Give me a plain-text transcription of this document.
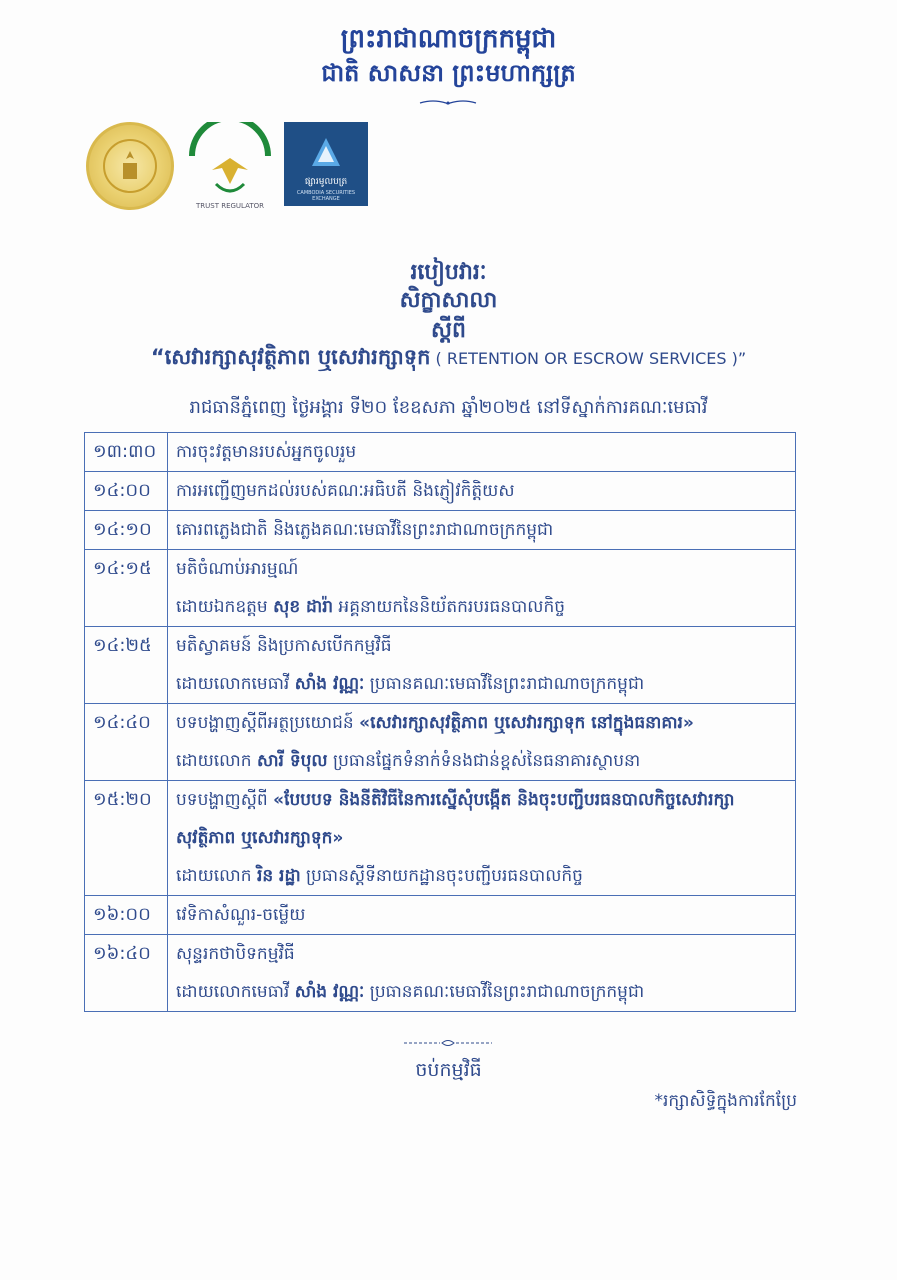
ព្រះរាជាណាចក្រកម្ពុជា
ជាតិ សាសនា ព្រះមហាក្សត្រ
TRUST REGULATOR
ផ្សារមូលបត្រ
CAMBODIA SECURITIES EXCHANGE
របៀបវារៈ
សិក្ខាសាលា
ស្តីពី
“សេវារក្សាសុវត្ថិភាព ឬសេវារក្សាទុក ( RETENTION OR ESCROW SERVICES )”
រាជធានីភ្នំពេញ ថ្ងៃអង្គារ ទី២០ ខែឧសភា ឆ្នាំ២០២៥ នៅទីស្នាក់ការគណៈមេធាវី
១៣:៣០	ការចុះវត្តមានរបស់អ្នកចូលរួម

១៤:០០	ការអញ្ជើញមកដល់របស់គណៈអធិបតី និងភ្ញៀវកិត្តិយស

១៤:១០	គោរពភ្លេងជាតិ និងភ្លេងគណៈមេធាវីនៃព្រះរាជាណាចក្រកម្ពុជា

១៤:១៥	មតិចំណាប់អារម្មណ៍
ដោយឯកឧត្តម សុខ ដារ៉ា អគ្គនាយកនៃនិយ័តករបរធនបាលកិច្ច

១៤:២៥	មតិស្វាគមន៍ និងប្រកាសបើកកម្មវិធី
ដោយលោកមេធាវី សាំង វណ្ណៈ ប្រធានគណៈមេធាវីនៃព្រះរាជាណាចក្រកម្ពុជា

១៤:៤០	បទបង្ហាញស្តីពីអត្ថប្រយោជន៍ «សេវារក្សាសុវត្ថិភាព ឬសេវារក្សាទុក នៅក្នុងធនាគារ»
ដោយលោក សារី ទិបុល ប្រធានផ្នែកទំនាក់ទំនងជាន់ខ្ពស់នៃធនាគារស្ថាបនា

១៥:២០	បទបង្ហាញស្តីពី «បែបបទ និងនីតិវិធីនៃការស្នើសុំបង្កើត និងចុះបញ្ជីបរធនបាលកិច្ចសេវារក្សា
សុវត្ថិភាព ឬសេវារក្សាទុក»
ដោយលោក រិន រដ្ឋា ប្រធានស្តីទីនាយកដ្ឋានចុះបញ្ជីបរធនបាលកិច្ច

១៦:០០	វេទិកាសំណួរ-ចម្លើយ

១៦:៤០	សុន្ទរកថាបិទកម្មវិធី
ដោយលោកមេធាវី សាំង វណ្ណៈ ប្រធានគណៈមេធាវីនៃព្រះរាជាណាចក្រកម្ពុជា
ចប់កម្មវិធី
*រក្សាសិទ្ធិក្នុងការកែប្រែ
